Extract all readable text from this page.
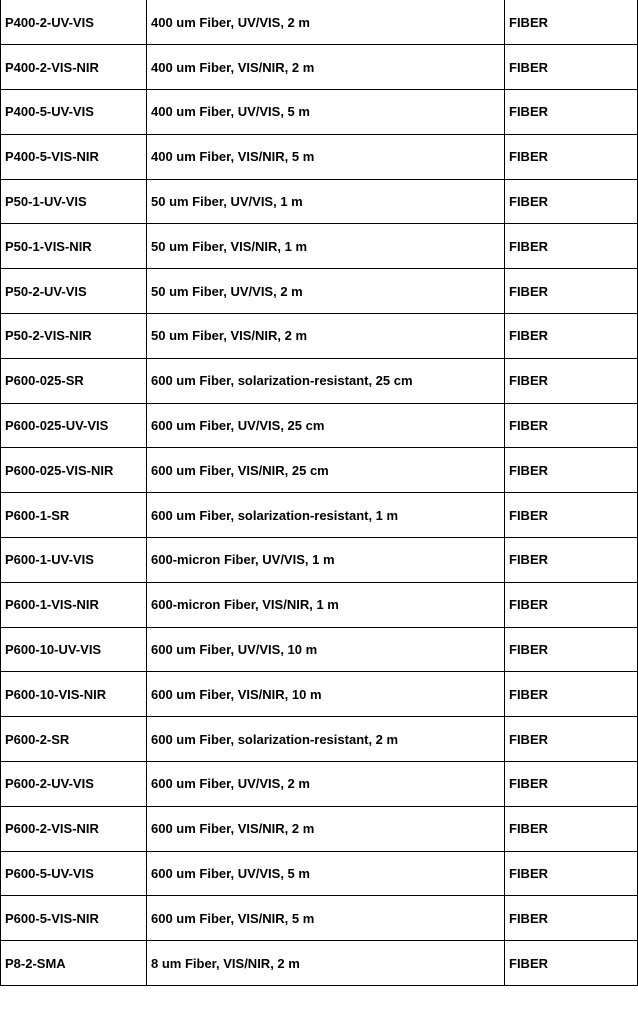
P400-2-UV-VIS	400 um Fiber, UV/VIS, 2 m	FIBER
P400-2-VIS-NIR	400 um Fiber, VIS/NIR, 2 m	FIBER
P400-5-UV-VIS	400 um Fiber, UV/VIS, 5 m	FIBER
P400-5-VIS-NIR	400 um Fiber, VIS/NIR, 5 m	FIBER
P50-1-UV-VIS	50 um Fiber, UV/VIS, 1 m	FIBER
P50-1-VIS-NIR	50 um Fiber, VIS/NIR, 1 m	FIBER
P50-2-UV-VIS	50 um Fiber, UV/VIS, 2 m	FIBER
P50-2-VIS-NIR	50 um Fiber, VIS/NIR, 2 m	FIBER
P600-025-SR	600 um Fiber, solarization-resistant, 25 cm	FIBER
P600-025-UV-VIS	600 um Fiber, UV/VIS, 25 cm	FIBER
P600-025-VIS-NIR	600 um Fiber, VIS/NIR, 25 cm	FIBER
P600-1-SR	600 um Fiber, solarization-resistant, 1 m	FIBER
P600-1-UV-VIS	600-micron Fiber, UV/VIS, 1 m	FIBER
P600-1-VIS-NIR	600-micron Fiber, VIS/NIR, 1 m	FIBER
P600-10-UV-VIS	600 um Fiber, UV/VIS, 10 m	FIBER
P600-10-VIS-NIR	600 um Fiber, VIS/NIR, 10 m	FIBER
P600-2-SR	600 um Fiber, solarization-resistant, 2 m	FIBER
P600-2-UV-VIS	600 um Fiber, UV/VIS, 2 m	FIBER
P600-2-VIS-NIR	600 um Fiber, VIS/NIR, 2 m	FIBER
P600-5-UV-VIS	600 um Fiber, UV/VIS, 5 m	FIBER
P600-5-VIS-NIR	600 um Fiber, VIS/NIR, 5 m	FIBER
P8-2-SMA	8 um Fiber, VIS/NIR, 2 m	FIBER
